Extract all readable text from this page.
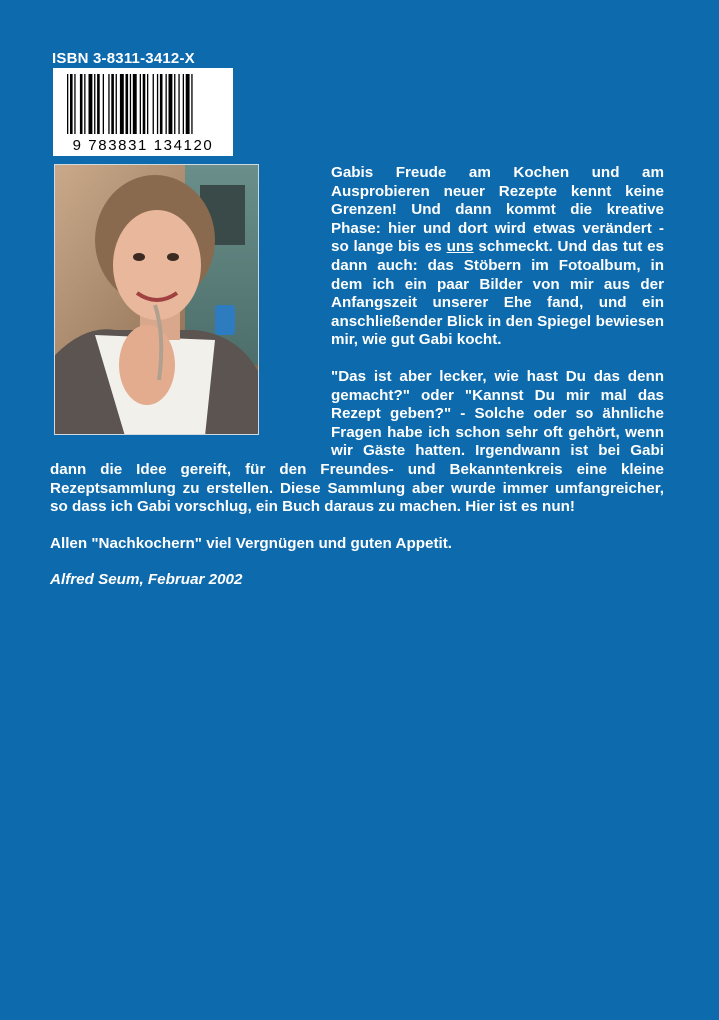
ISBN 3-8311-3412-X
9 783831 134120

Gabis Freude am Kochen und am Ausprobieren neuer Rezepte kennt keine Grenzen! Und dann kommt die kreative Phase: hier und dort wird etwas verändert - so lange bis es uns schmeckt. Und das tut es dann auch: das Stöbern im Fotoalbum, in dem ich ein paar Bilder von mir aus der Anfangszeit unserer Ehe fand, und ein anschließender Blick in den Spiegel bewiesen mir, wie gut Gabi kocht.

"Das ist aber lecker, wie hast Du das denn gemacht?" oder "Kannst Du mir mal das Rezept geben?" - Solche oder so ähnliche Fragen habe ich schon sehr oft gehört, wenn wir Gäste hatten. Irgendwann ist bei Gabi dann die Idee gereift, für den Freundes- und Bekanntenkreis eine kleine Rezeptsammlung zu erstellen. Diese Sammlung aber wurde immer umfangreicher, so dass ich Gabi vorschlug, ein Buch daraus zu machen. Hier ist es nun!

Allen "Nachkochern" viel Vergnügen und guten Appetit.

Alfred Seum, Februar 2002
